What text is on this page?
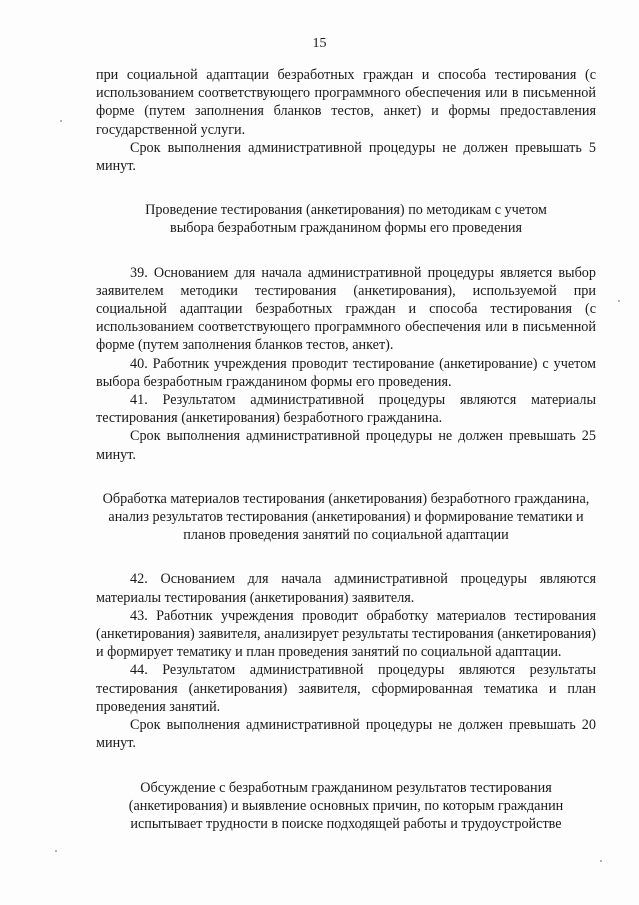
15

при социальной адаптации безработных граждан и способа тестирования (с использованием соответствующего программного обеспечения или в письменной форме (путем заполнения бланков тестов, анкет) и формы предоставления государственной услуги.

Срок выполнения административной процедуры не должен превышать 5 минут.

Проведение тестирования (анкетирования) по методикам с учетом выбора безработным гражданином формы его проведения

39. Основанием для начала административной процедуры является выбор заявителем методики тестирования (анкетирования), используемой при социальной адаптации безработных граждан и способа тестирования (с использованием соответствующего программного обеспечения или в письменной форме (путем заполнения бланков тестов, анкет).

40. Работник учреждения проводит тестирование (анкетирование) с учетом выбора безработным гражданином формы его проведения.

41. Результатом административной процедуры являются материалы тестирования (анкетирования) безработного гражданина.

Срок выполнения административной процедуры не должен превышать 25 минут.

Обработка материалов тестирования (анкетирования) безработного гражданина, анализ результатов тестирования (анкетирования) и формирование тематики и планов проведения занятий по социальной адаптации

42. Основанием для начала административной процедуры являются материалы тестирования (анкетирования) заявителя.

43. Работник учреждения проводит обработку материалов тестирования (анкетирования) заявителя, анализирует результаты тестирования (анкетирования) и формирует тематику и план проведения занятий по социальной адаптации.

44. Результатом административной процедуры являются результаты тестирования (анкетирования) заявителя, сформированная тематика и план проведения занятий.

Срок выполнения административной процедуры не должен превышать 20 минут.

Обсуждение с безработным гражданином результатов тестирования (анкетирования) и выявление основных причин, по которым гражданин испытывает трудности в поиске подходящей работы и трудоустройстве
